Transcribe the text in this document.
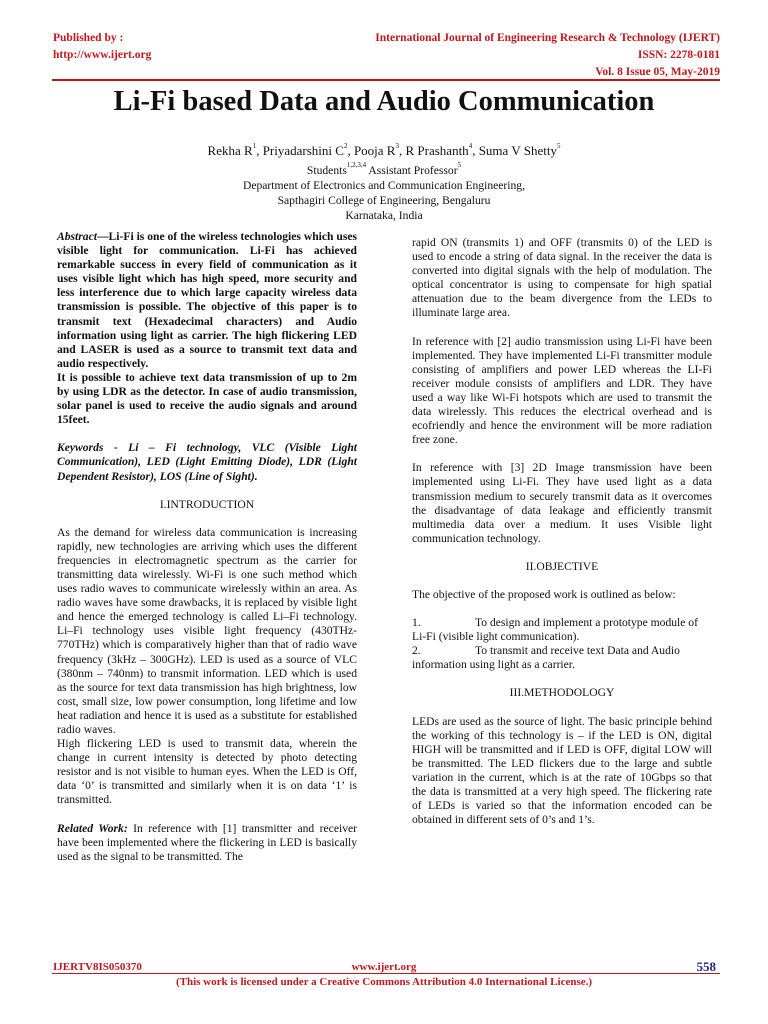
Published by :
http://www.ijert.org
International Journal of Engineering Research & Technology (IJERT)
ISSN: 2278-0181
Vol. 8 Issue 05, May-2019
Li-Fi based Data and Audio Communication
Rekha $R^1$, Priyadarshini $C^2$, Pooja $R^3$, R Prashanth$^4$, Suma V Shetty$^5$
Students$^{1,2,3,4}$ Assistant Professor$^5$
Department of Electronics and Communication Engineering,
Sapthagiri College of Engineering, Bengaluru
Karnataka, India

Abstract—Li-Fi is one of the wireless technologies which uses visible light for communication. Li-Fi has achieved remarkable success in every field of communication as it uses visible light which has high speed, more security and less interference due to which large capacity wireless data transmission is possible. The objective of this paper is to transmit text (Hexadecimal characters) and Audio information using light as carrier. The high flickering LED and LASER is used as a source to transmit text data and audio respectively.

It is possible to achieve text data transmission of up to 2m by using LDR as the detector. In case of audio transmission, solar panel is used to receive the audio signals and around 15feet.

Keywords - Li – Fi technology, VLC (Visible Light Communication), LED (Light Emitting Diode), LDR (Light Dependent Resistor), LOS (Line of Sight).

I.INTRODUCTION

As the demand for wireless data communication is increasing rapidly, new technologies are arriving which uses the different frequencies in electromagnetic spectrum as the carrier for transmitting data wirelessly. Wi-Fi is one such method which uses radio waves to communicate wirelessly within an area. As radio waves have some drawbacks, it is replaced by visible light and hence the emerged technology is called Li–Fi technology. Li–Fi technology uses visible light frequency (430THz-770THz) which is comparatively higher than that of radio wave frequency (3kHz – 300GHz). LED is used as a source of VLC (380nm – 740nm) to transmit information. LED which is used as the source for text data transmission has high brightness, low cost, small size, low power consumption, long lifetime and low heat radiation and hence it is used as a substitute for established radio waves.

High flickering LED is used to transmit data, wherein the change in current intensity is detected by photo detecting resistor and is not visible to human eyes. When the LED is Off, data ‘0’ is transmitted and similarly when it is on data ‘1’ is transmitted.

Related Work: In reference with [1] transmitter and receiver have been implemented where the flickering in LED is basically used as the signal to be transmitted. The

rapid ON (transmits 1) and OFF (transmits 0) of the LED is used to encode a string of data signal. In the receiver the data is converted into digital signals with the help of modulation. The optical concentrator is using to compensate for high spatial attenuation due to the beam divergence from the LEDs to illuminate large area.

In reference with [2] audio transmission using Li-Fi have been implemented. They have implemented Li-Fi transmitter module consisting of amplifiers and power LED whereas the LI-Fi receiver module consists of amplifiers and LDR. They have used a way like Wi-Fi hotspots which are used to transmit the data wirelessly. This reduces the electrical overhead and is ecofriendly and hence the environment will be more radiation free zone.

In reference with [3] 2D Image transmission have been implemented using Li-Fi. They have used light as a data transmission medium to securely transmit data as it overcomes the disadvantage of data leakage and efficiently transmit multimedia data over a medium. It uses Visible light communication technology.

II.OBJECTIVE

The objective of the proposed work is outlined as below:

1.
	To design and implement a prototype module of Li-Fi (visible light communication).

2.
	To transmit and receive text Data and Audio information using light as a carrier.

III.METHODOLOGY

LEDs are used as the source of light. The basic principle behind the working of this technology is – if the LED is ON, digital HIGH will be transmitted and if LED is OFF, digital LOW will be transmitted. The LED flickers due to the large and subtle variation in the current, which is at the rate of 10Gbps so that the data is transmitted at a very high speed. The flickering rate of LEDs is varied so that the information encoded can be obtained in different sets of 0’s and 1’s.

IJERTV8IS050370	www.ijert.org	558
(This work is licensed under a Creative Commons Attribution 4.0 International License.)
